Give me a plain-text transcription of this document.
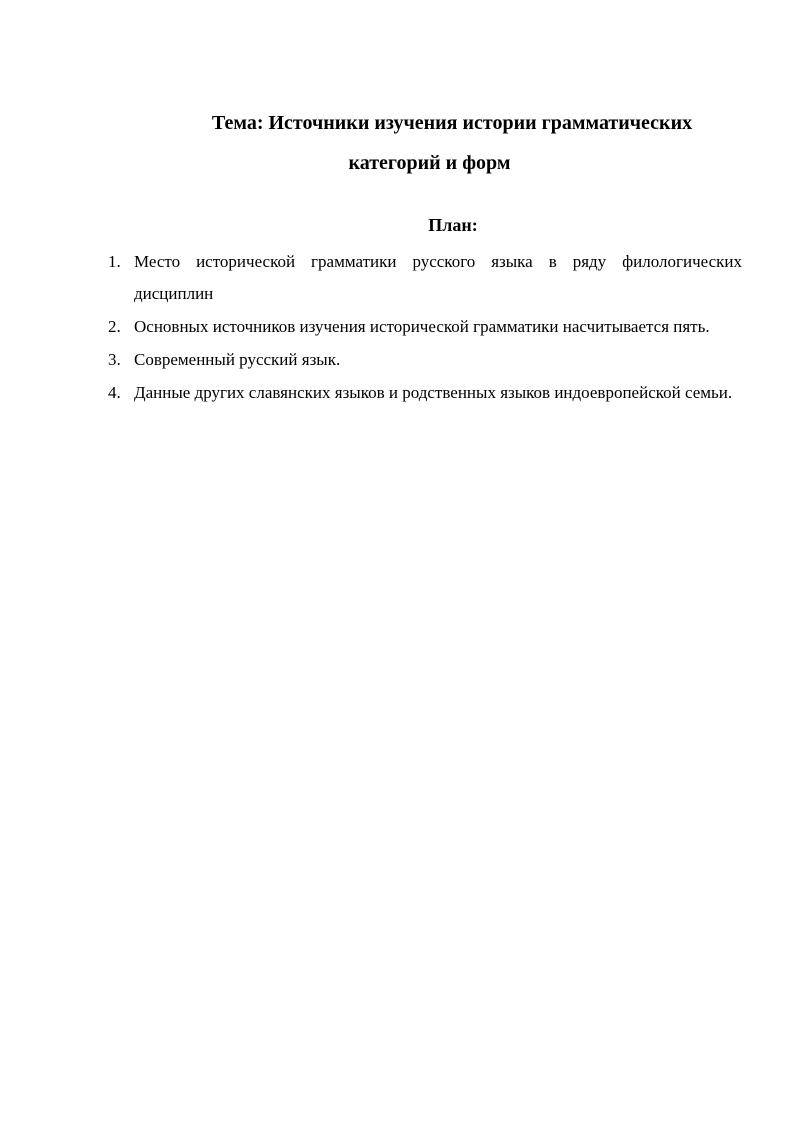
Тема: Источники изучения истории грамматических
категорий и форм
План:
1. Место исторической грамматики русского языка в ряду филологических дисциплин
2. Основных источников изучения исторической грамматики насчитывается пять.
3. Современный русский язык.
4. Данные других славянских языков и родственных языков индоевропейской семьи.
